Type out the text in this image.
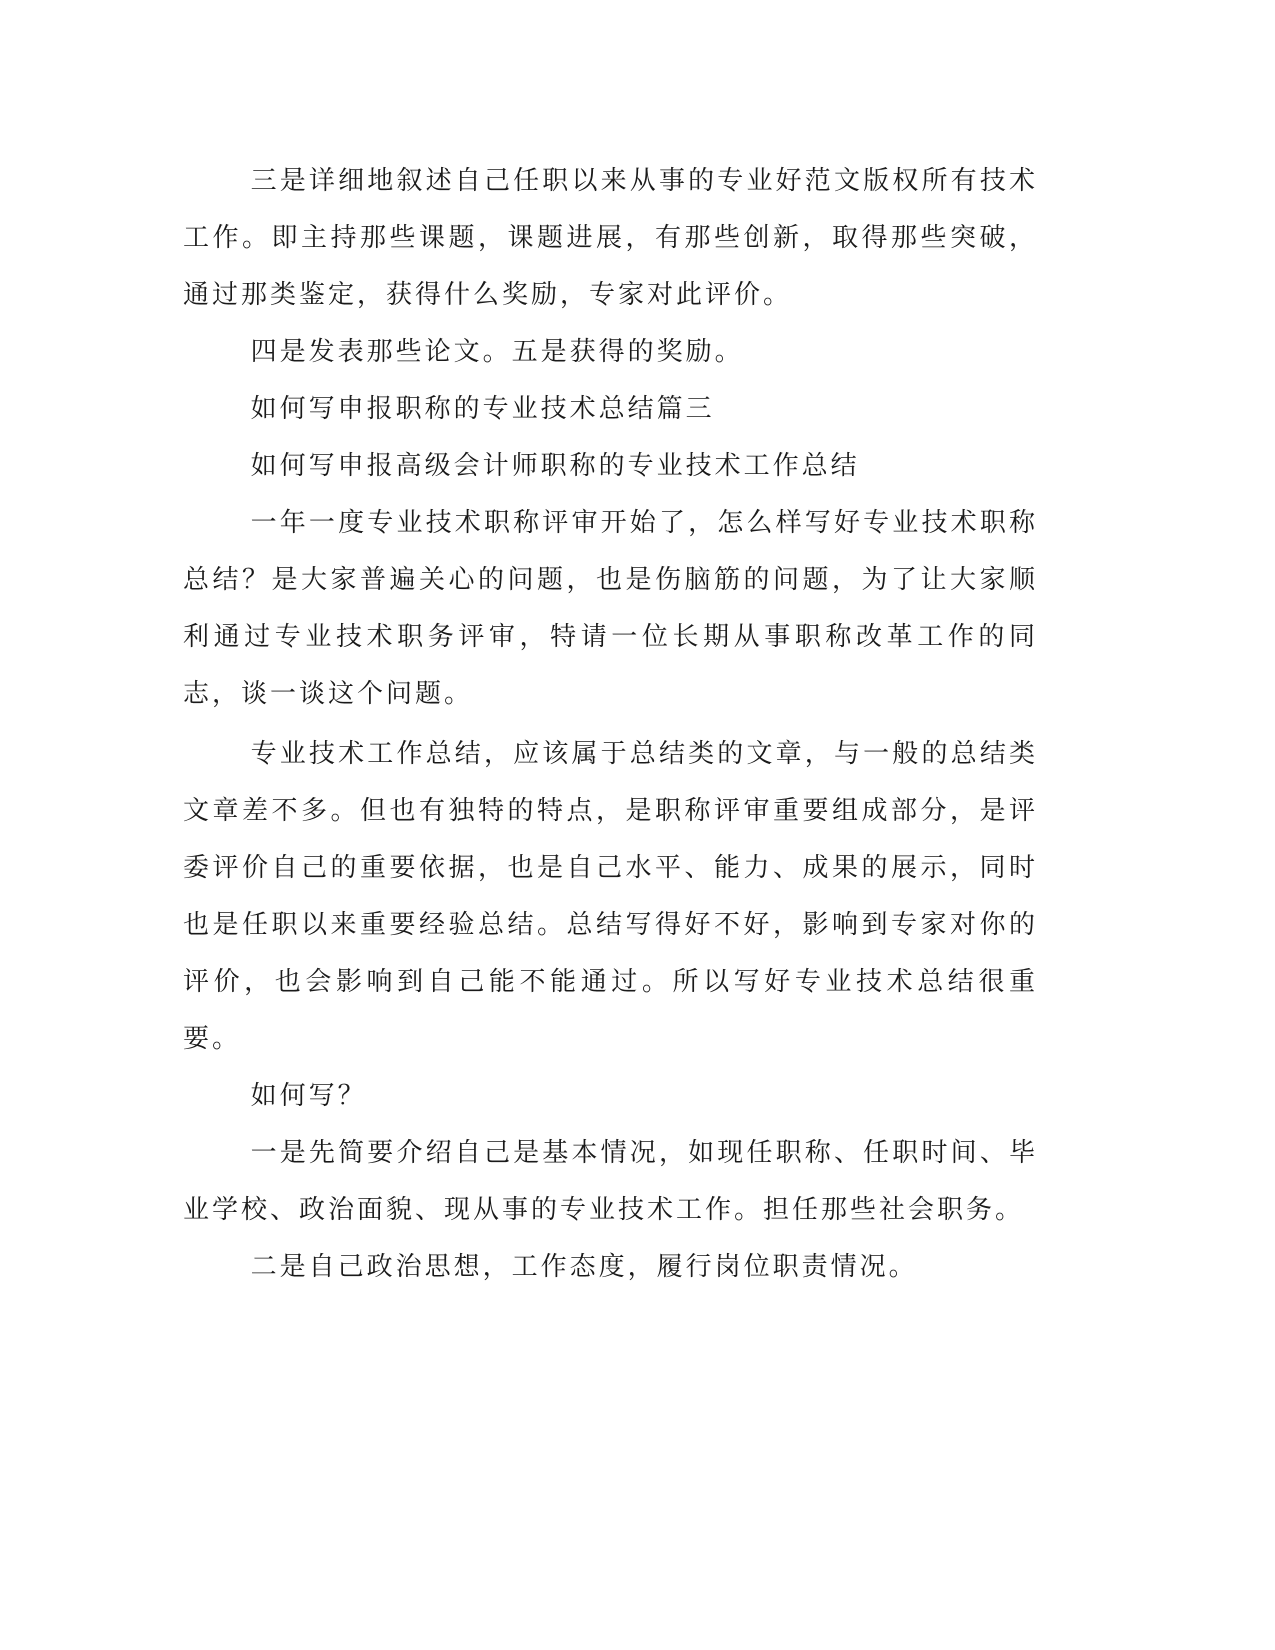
三是详细地叙述自己任职以来从事的专业好范文版权所有技术工作。即主持那些课题，课题进展，有那些创新，取得那些突破，通过那类鉴定，获得什么奖励，专家对此评价。

四是发表那些论文。五是获得的奖励。

如何写申报职称的专业技术总结篇三

如何写申报高级会计师职称的专业技术工作总结

一年一度专业技术职称评审开始了，怎么样写好专业技术职称总结？是大家普遍关心的问题，也是伤脑筋的问题，为了让大家顺利通过专业技术职务评审，特请一位长期从事职称改革工作的同志，谈一谈这个问题。

专业技术工作总结，应该属于总结类的文章，与一般的总结类文章差不多。但也有独特的特点，是职称评审重要组成部分，是评委评价自己的重要依据，也是自己水平、能力、成果的展示，同时也是任职以来重要经验总结。总结写得好不好，影响到专家对你的评价，也会影响到自己能不能通过。所以写好专业技术总结很重要。

如何写？

一是先简要介绍自己是基本情况，如现任职称、任职时间、毕业学校、政治面貌、现从事的专业技术工作。担任那些社会职务。

二是自己政治思想，工作态度，履行岗位职责情况。
